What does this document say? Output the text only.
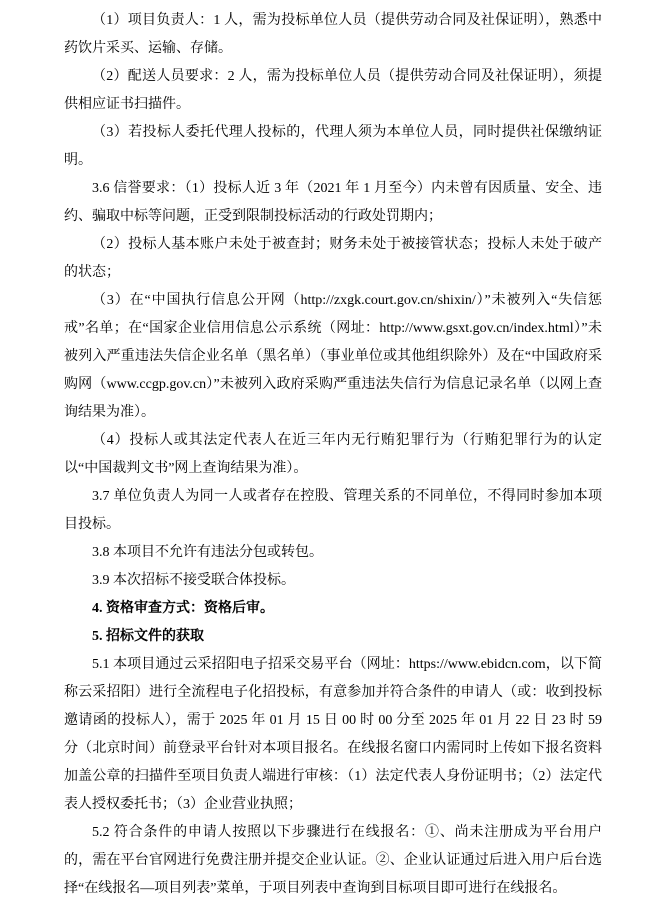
（1）项目负责人：1 人，需为投标单位人员（提供劳动合同及社保证明），熟悉中药饮片采买、运输、存储。

（2）配送人员要求：2 人，需为投标单位人员（提供劳动合同及社保证明），须提供相应证书扫描件。

（3）若投标人委托代理人投标的，代理人须为本单位人员，同时提供社保缴纳证明。

3.6 信誉要求：（1）投标人近 3 年（2021 年 1 月至今）内未曾有因质量、安全、违约、骗取中标等问题，正受到限制投标活动的行政处罚期内；

（2）投标人基本账户未处于被查封；财务未处于被接管状态；投标人未处于破产的状态；

（3）在“中国执行信息公开网（http://zxgk.court.gov.cn/shixin/）”未被列入“失信惩戒”名单；在“国家企业信用信息公示系统（网址：http://www.gsxt.gov.cn/index.html）”未被列入严重违法失信企业名单（黑名单）（事业单位或其他组织除外）及在“中国政府采购网（www.ccgp.gov.cn）”未被列入政府采购严重违法失信行为信息记录名单（以网上查询结果为准）。

（4）投标人或其法定代表人在近三年内无行贿犯罪行为（行贿犯罪行为的认定以“中国裁判文书”网上查询结果为准）。

3.7 单位负责人为同一人或者存在控股、管理关系的不同单位，不得同时参加本项目投标。

3.8 本项目不允许有违法分包或转包。

3.9 本次招标不接受联合体投标。

4. 资格审查方式：资格后审。

5. 招标文件的获取

5.1 本项目通过云采招阳电子招采交易平台（网址：https://www.ebidcn.com，以下简称云采招阳）进行全流程电子化招投标，有意参加并符合条件的申请人（或：收到投标邀请函的投标人），需于 2025 年 01 月 15 日 00 时 00 分至 2025 年 01 月 22 日 23 时 59 分（北京时间）前登录平台针对本项目报名。在线报名窗口内需同时上传如下报名资料加盖公章的扫描件至项目负责人端进行审核：（1）法定代表人身份证明书；（2）法定代表人授权委托书；（3）企业营业执照；

5.2 符合条件的申请人按照以下步骤进行在线报名：①、尚未注册成为平台用户的，需在平台官网进行免费注册并提交企业认证。②、企业认证通过后进入用户后台选择“在线报名—项目列表”菜单，于项目列表中查询到目标项目即可进行在线报名。
